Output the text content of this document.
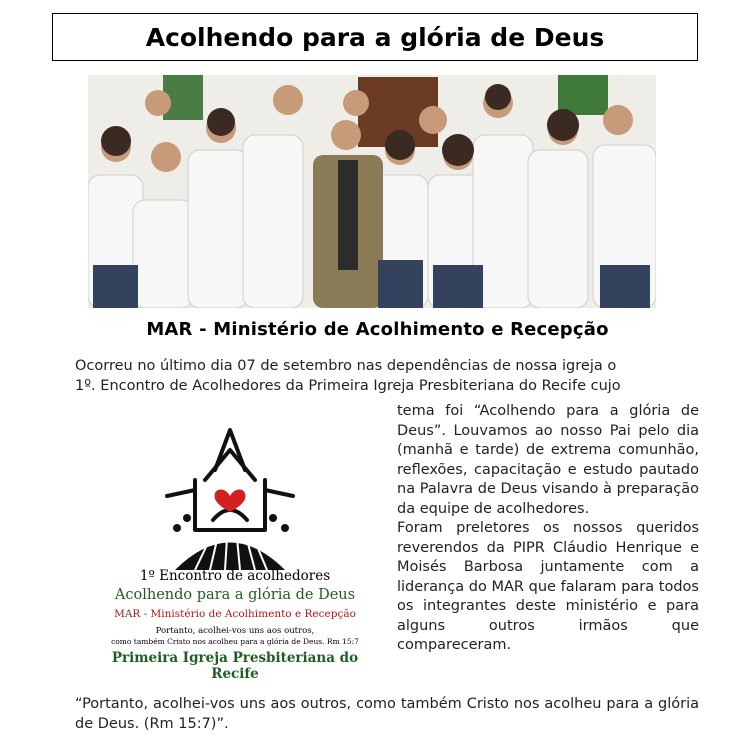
Acolhendo para a glória de Deus
MAR - Ministério de Acolhimento e Recepção

Ocorreu no último dia 07 de setembro nas dependências de nossa igreja o
1º. Encontro de Acolhedores da Primeira Igreja Presbiteriana do Recife cujo

tema foi “Acolhendo para a glória de Deus”. Louvamos ao nosso Pai pelo dia (manhã e tarde) de extrema comunhão, reflexões, capacitação e estudo pautado na Palavra de Deus visando à preparação da equipe de acolhedores.
Foram preletores os nossos queridos reverendos da PIPR Cláudio Henrique e Moisés Barbosa juntamente com a liderança do MAR que falaram para todos os integrantes deste ministério e para alguns outros irmãos que compareceram.

1º Encontro de acolhedores
Acolhendo para a glória de Deus
MAR - Ministério de Acolhimento e Recepção
Portanto, acolhei-vos uns aos outros,
como também Cristo nos acolheu para a glória de Deus. Rm 15:7
Primeira Igreja Presbiteriana do Recife

“Portanto, acolhei-vos uns aos outros, como também Cristo nos acolheu para a glória de Deus. (Rm 15:7)”.
